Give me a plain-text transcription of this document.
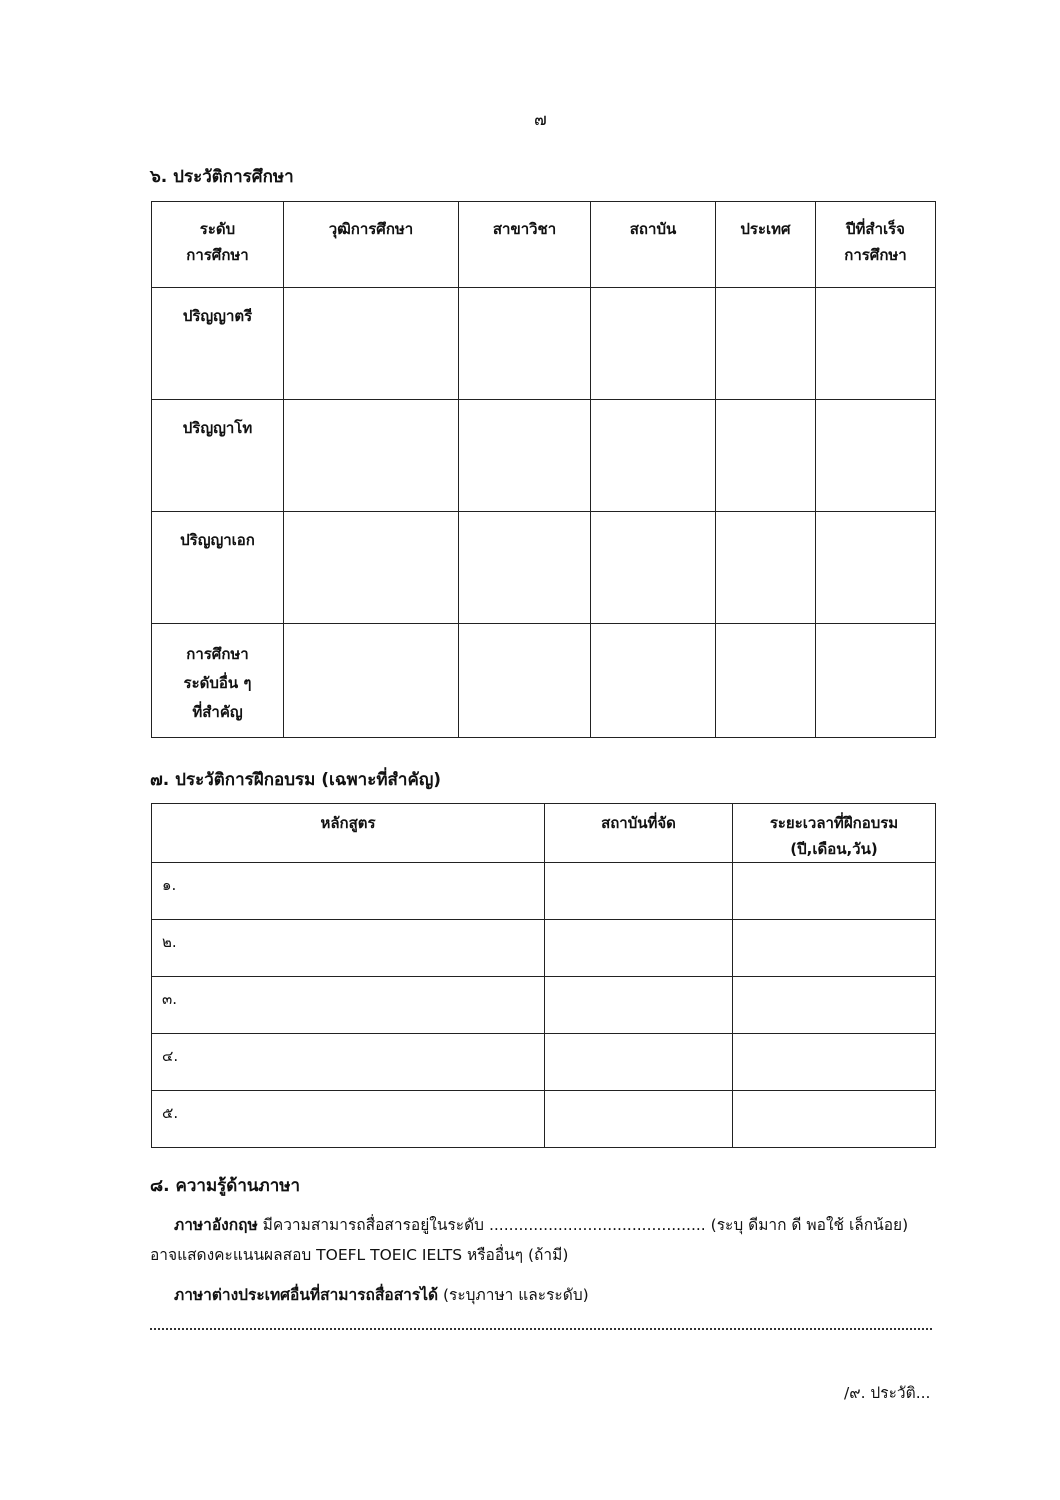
๗
๖. ประวัติการศึกษา
ระดับ
การศึกษา	วุฒิการศึกษา	สาขาวิชา	สถาบัน	ประเทศ	ปีที่สำเร็จ
การศึกษา
ปริญญาตรี					
ปริญญาโท					
ปริญญาเอก					
การศึกษา
ระดับอื่น ๆ
ที่สำคัญ					
๗. ประวัติการฝึกอบรม (เฉพาะที่สำคัญ)
หลักสูตร	สถาบันที่จัด	ระยะเวลาที่ฝึกอบรม
(ปี,เดือน,วัน)
๑.		
๒.		
๓.		
๔.		
๕.		
๘. ความรู้ด้านภาษา
ภาษาอังกฤษ มีความสามารถสื่อสารอยู่ในระดับ ............................................ (ระบุ ดีมาก ดี พอใช้ เล็กน้อย)
อาจแสดงคะแนนผลสอบ TOEFL TOEIC IELTS หรืออื่นๆ (ถ้ามี)
ภาษาต่างประเทศอื่นที่สามารถสื่อสารได้ (ระบุภาษา และระดับ)
/๙. ประวัติ...
